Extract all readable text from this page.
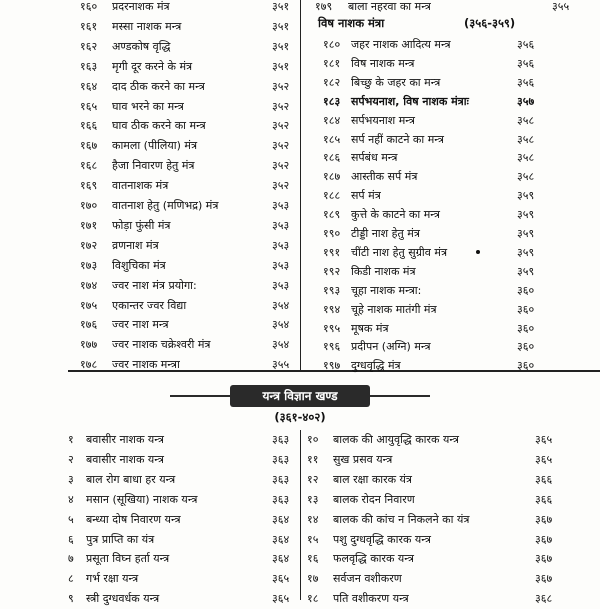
१६० प्रदरनाशक मंत्र	३५१
१६१ मस्सा नाशक मन्त्र	३५१
१६२ अण्डकोष वृद्धि	३५१
१६३ मृगी दूर करने के मंत्र	३५१
१६४ दाद ठीक करने का मन्त्र	३५२
१६५ घाव भरने का मन्त्र	३५२
१६६ घाव ठीक करने का मन्त्र	३५२
१६७ कामला (पीलिया) मंत्र	३५२
१६८ हैजा निवारण हेतु मंत्र	३५२
१६९ वातनाशक मंत्र	३५२
१७० वातनाश हेतु (मणिभद्र) मंत्र	३५३
१७१ फोड़ा फुंसी मंत्र	३५३
१७२ व्रणनाश मंत्र	३५३
१७३ विशुचिका मंत्र	३५३
१७४ ज्वर नाश मंत्र प्रयोगा:	३५३
१७५ एकान्तर ज्वर विद्या	३५४
१७६ ज्वर नाश मन्त्र	३५४
१७७ ज्वर नाशक चक्रेश्वरी मंत्र	३५४
१७८ ज्वर नाशक मन्त्रा	३५५
१७९ बाला नहरवा का मन्त्र	३५५
विष नाशक मंत्रा	(३५६-३५९)
१८० जहर नाशक आदित्य मन्त्र	३५६
१८१ विष नाशक मन्त्र	३५६
१८२ बिच्छु के जहर का मन्त्र	३५६
१८३ सर्पभयनाश, विष नाशक मंत्राः	३५७
१८४ सर्पभयनाश मन्त्र	३५८
१८५ सर्प नहीं काटने का मन्त्र	३५८
१८६ सर्पबंध मन्त्र	३५८
१८७ आस्तीक सर्प मंत्र	३५८
१८८ सर्प मंत्र	३५९
१८९ कुत्ते के काटने का मन्त्र	३५९
१९० टीड्डी नाश हेतु मंत्र	३५९
१९१ चींटी नाश हेतु सुग्रीव मंत्र	३५९
१९२ किडी नाशक मंत्र	३५९
१९३ चूहा नाशक मन्त्रा:	३६०
१९४ चूहे नाशक मातंगी मंत्र	३६०
१९५ मूषक मंत्र	३६०
१९६ प्रदीपन (अग्नि) मन्त्र	३६०
१९७ दुग्धवृद्धि मंत्र	३६०
यन्त्र विज्ञान खण्ड
(३६१-४०२)
१ बवासीर नाशक यन्त्र	३६३
२ बवासीर नाशक यन्त्र	३६३
३ बाल रोग बाधा हर यन्त्र	३६३
४ मसान (सूखिया) नाशक यन्त्र	३६३
५ बन्ध्या दोष निवारण यन्त्र	३६४
६ पुत्र प्राप्ति का यंत्र	३६४
७ प्रसूता विघ्न हर्ता यन्त्र	३६४
८ गर्भ रक्षा यन्त्र	३६५
९ स्त्री दुग्धवर्धक यन्त्र	३६५
१० बालक की आयुवृद्धि कारक यन्त्र	३६५
११ सुख प्रसव यन्त्र	३६५
१२ बाल रक्षा कारक यंत्र	३६६
१३ बालक रोदन निवारण	३६६
१४ बालक की कांच न निकलने का यंत्र	३६७
१५ पशु दुग्धवृद्धि कारक यन्त्र	३६७
१६ फलवृद्धि कारक यन्त्र	३६७
१७ सर्वजन वशीकरण	३६७
१८ पति वशीकरण यन्त्र	३६८
